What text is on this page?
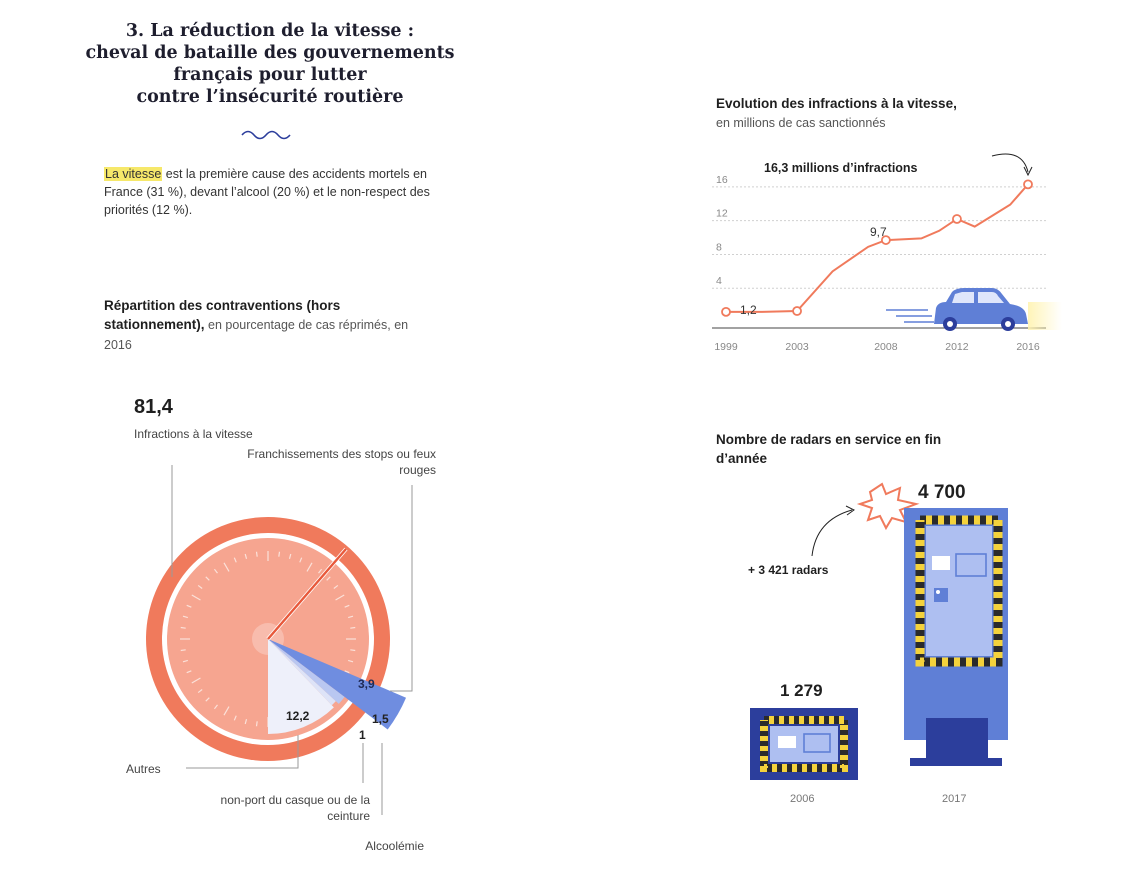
3. La réduction de la vitesse :
cheval de bataille des gouvernements
français pour lutter
contre l’insécurité routière
La vitesse est la première cause des accidents mortels en France (31 %), devant l’alcool (20 %) et le non-respect des priorités (12 %).
Répartition des contraventions (hors stationnement), en pourcentage de cas réprimés, en 2016
81,4
Infractions à la vitesse
Franchissements des stops ou feux rouges
Autres
non-port du casque ou de la ceinture
Alcoolémie
3,9
12,2
1
1,5
Evolution des infractions à la vitesse,
en millions de cas sanctionnés
16
12
8
4
1999	2003	2008	2012	2016
16,3 millions d’infractions
1,2
9,7
Nombre de radars en service en fin d’année
4 700
+ 3 421 radars
1 279
2006	2017
